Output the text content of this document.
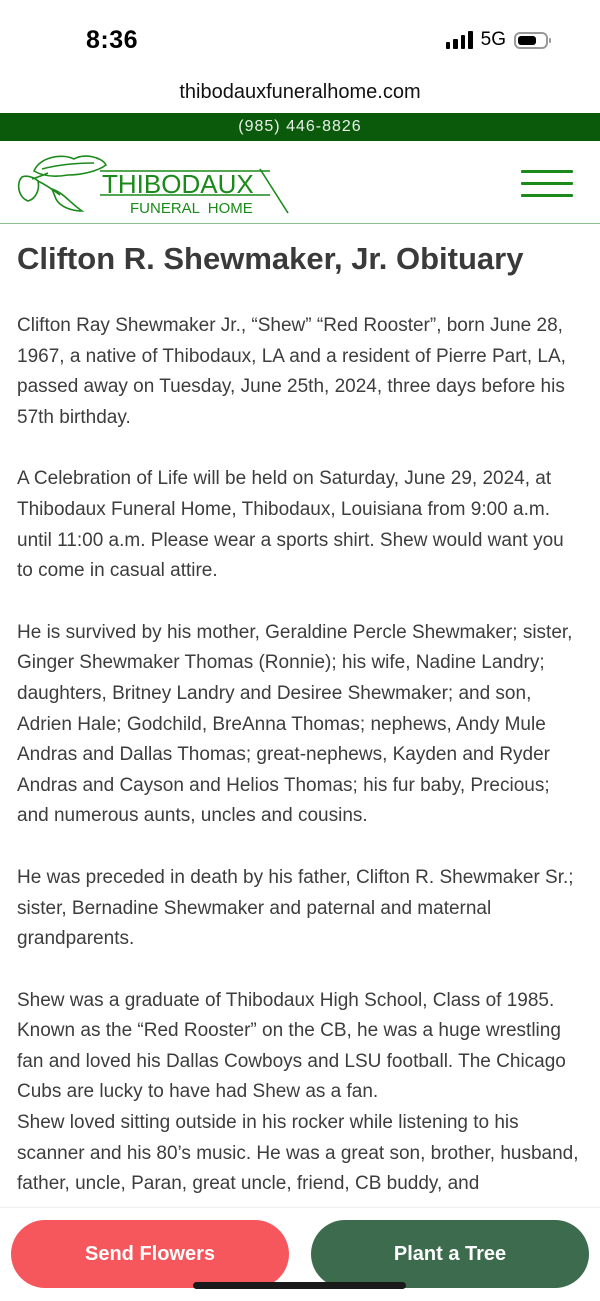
8:36	5G
thibodauxfuneralhome.com
(985) 446-8826
THIBODAUX
FUNERAL  HOME
Clifton R. Shewmaker, Jr. Obituary

Clifton Ray Shewmaker Jr., “Shew” “Red Rooster”, born June 28, 1967, a native of Thibodaux, LA and a resident of Pierre Part, LA, passed away on Tuesday, June 25th, 2024, three days before his 57th birthday.

A Celebration of Life will be held on Saturday, June 29, 2024, at Thibodaux Funeral Home, Thibodaux, Louisiana from 9:00 a.m. until 11:00 a.m. Please wear a sports shirt. Shew would want you to come in casual attire.

He is survived by his mother, Geraldine Percle Shewmaker; sister, Ginger Shewmaker Thomas (Ronnie); his wife, Nadine Landry; daughters, Britney Landry and Desiree Shewmaker; and son, Adrien Hale; Godchild, BreAnna Thomas; nephews, Andy Mule Andras and Dallas Thomas; great-nephews, Kayden and Ryder Andras and Cayson and Helios Thomas; his fur baby, Precious; and numerous aunts, uncles and cousins.

He was preceded in death by his father, Clifton R. Shewmaker Sr.; sister, Bernadine Shewmaker and paternal and maternal grandparents.

Shew was a graduate of Thibodaux High School, Class of 1985. Known as the “Red Rooster” on the CB, he was a huge wrestling fan and loved his Dallas Cowboys and LSU football. The Chicago Cubs are lucky to have had Shew as a fan.

Shew loved sitting outside in his rocker while listening to his scanner and his 80’s music. He was a great son, brother, husband, father, uncle, Paran, great uncle, friend, CB buddy, and

Send Flowers	Plant a Tree
